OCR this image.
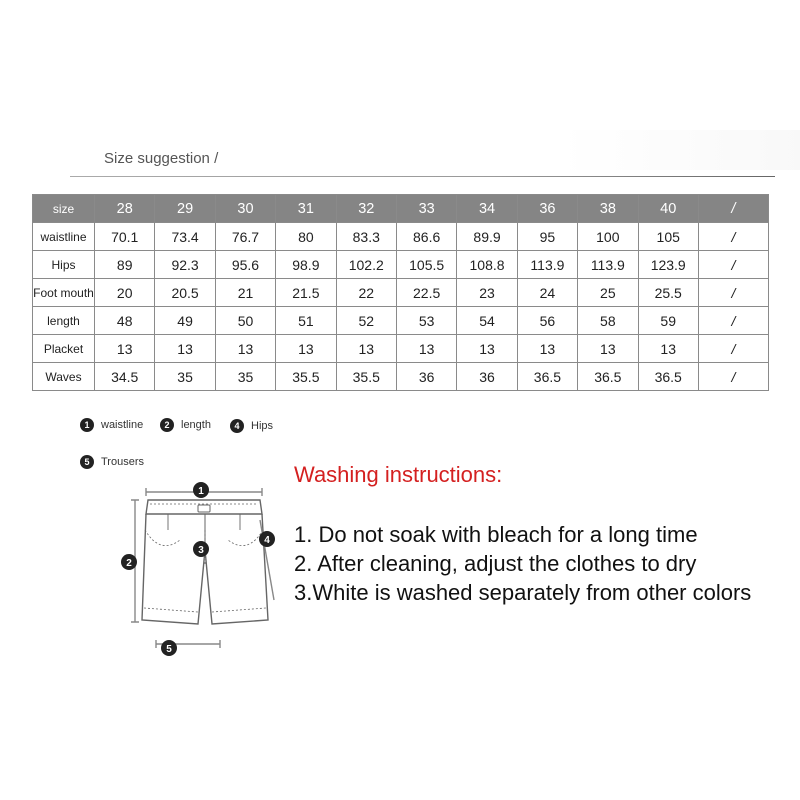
Size suggestion /
size	28	29	30	31	32	33	34	36	38	40	/
waistline	70.1	73.4	76.7	80	83.3	86.6	89.9	95	100	105	/
Hips	89	92.3	95.6	98.9	102.2	105.5	108.8	113.9	113.9	123.9	/
Foot mouth	20	20.5	21	21.5	22	22.5	23	24	25	25.5	/
length	48	49	50	51	52	53	54	56	58	59	/
Placket	13	13	13	13	13	13	13	13	13	13	/
Waves	34.5	35	35	35.5	35.5	36	36	36.5	36.5	36.5	/
1	waistline	2	length	4	Hips
5	Trousers
1
2
3
4
5
Washing instructions:
1. Do not soak with bleach for a long time
2. After cleaning, adjust the clothes to dry
3.White is washed separately from other colors
